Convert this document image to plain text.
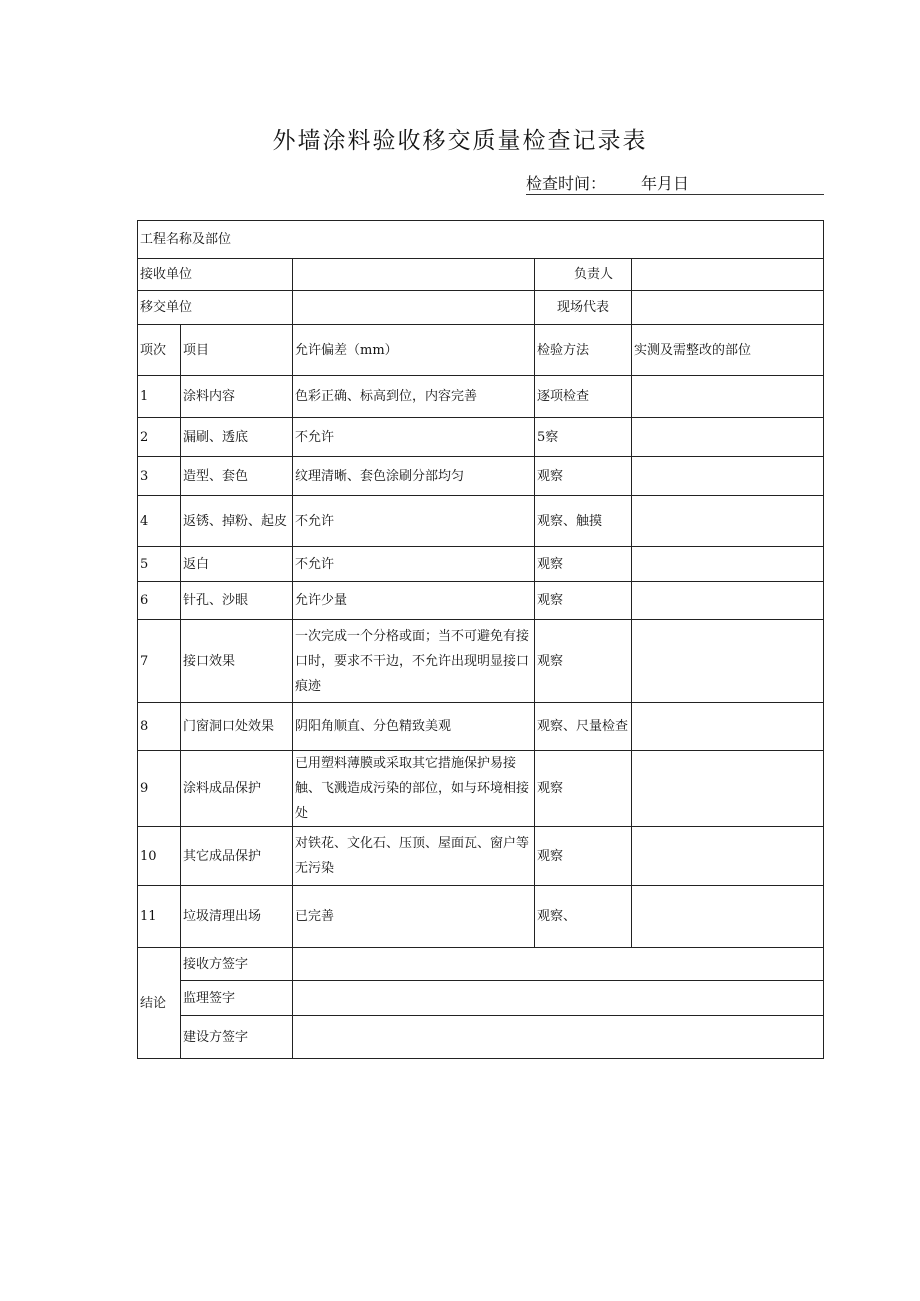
外墙涂料验收移交质量检查记录表
检查时间： 年月日
工程名称及部位				
接收单位			负责人	
移交单位			现场代表	
项次	项目	允许偏差（mm）	检验方法	实测及需整改的部位
1	涂料内容	色彩正确、标高到位，内容完善	逐项检查	
2	漏刷、透底	不允许	5察	
3	造型、套色	纹理清晰、套色涂刷分部均匀	观察	
4	返锈、掉粉、起皮	不允许	观察、触摸	
5	返白	不允许	观察	
6	针孔、沙眼	允许少量	观察	
7	接口效果	一次完成一个分格或面；当不可避免有接口时，要求不干边，不允许出现明显接口痕迹	观察	
8	门窗洞口处效果	阴阳角顺直、分色精致美观	观察、尺量检查	
9	涂料成品保护	已用塑料薄膜或采取其它措施保护易接触、飞溅造成污染的部位，如与环境相接处	观察	
10	其它成品保护	对铁花、文化石、压顶、屋面瓦、窗户等无污染	观察	
11	垃圾清理出场	已完善	观察、	
结论	接收方签字			
	监理签字			
	建设方签字			
